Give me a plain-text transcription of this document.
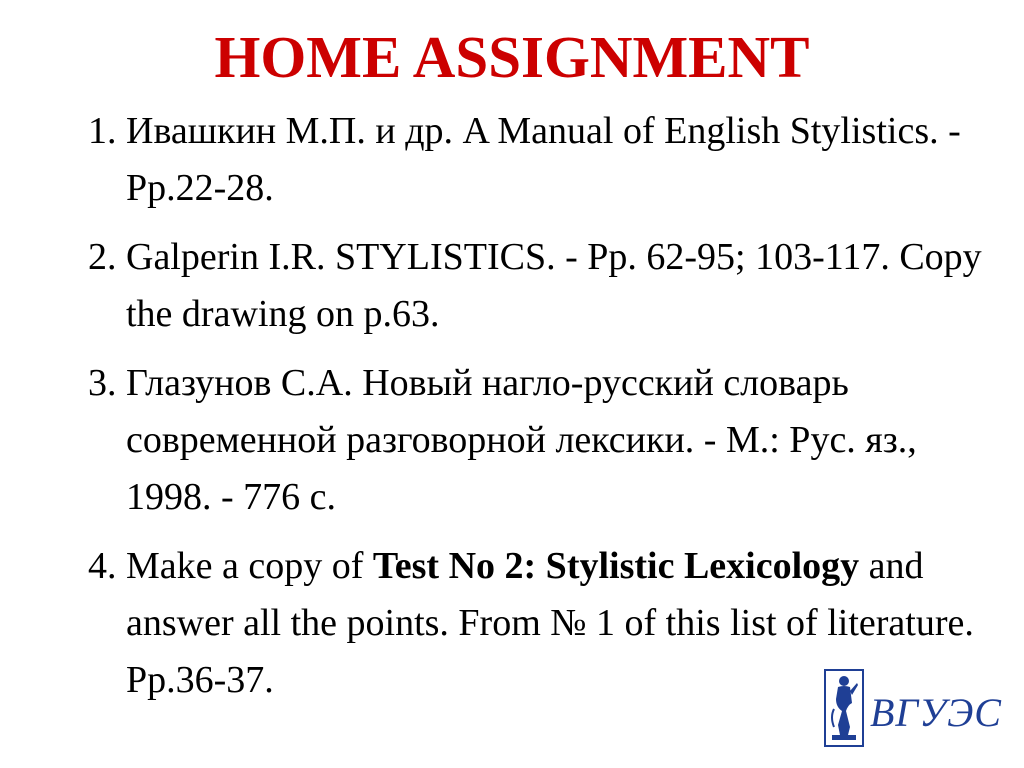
HOME ASSIGNMENT
1. Ивашкин М.П. и др. A Manual of English Stylistics. - Pp.22-28.
2. Galperin I.R. STYLISTICS. - Pp. 62-95; 103-117. Copy the drawing on p.63.
3. Глазунов С.А. Новый нагло-русский словарь современной разговорной лексики. - М.: Рус. яз., 1998. - 776 с.
4. Make a copy of Test No 2: Stylistic Lexicology and answer all the points. From № 1 of this list of literature. Pp.36-37.
ВГУЭС
